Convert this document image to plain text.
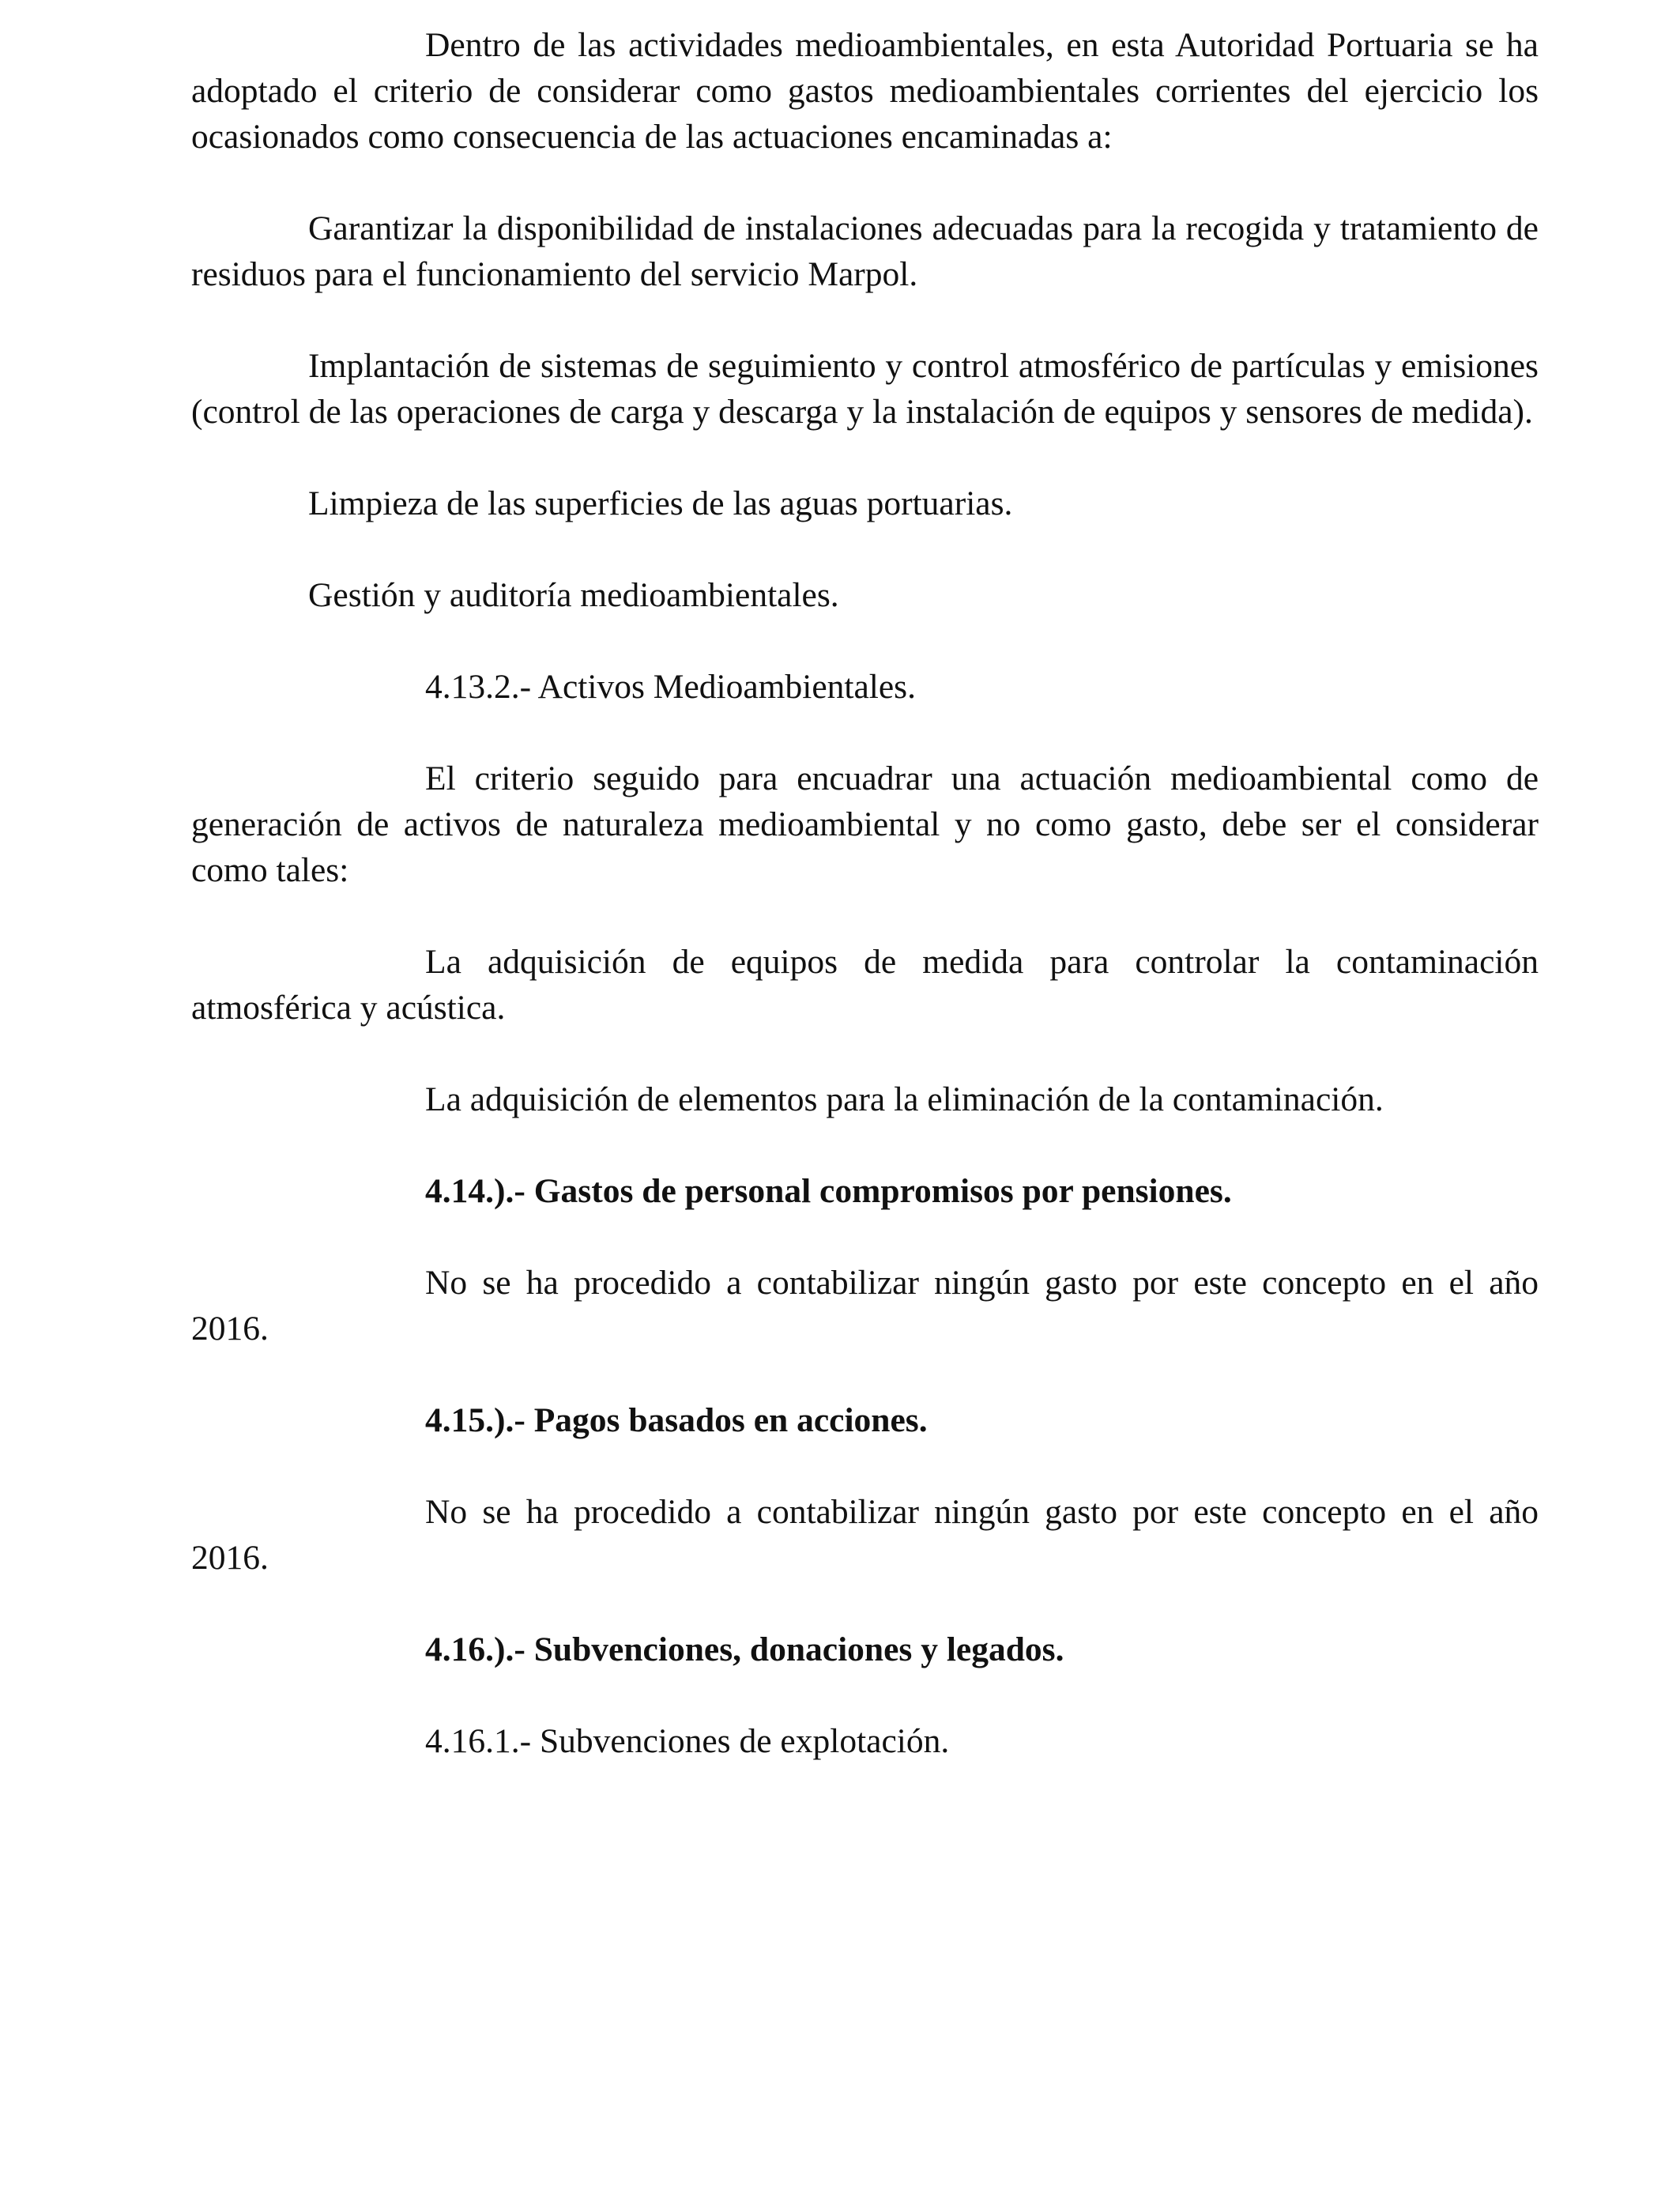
Dentro de las actividades medioambientales, en esta Autoridad Portuaria se ha adoptado el criterio de considerar como gastos medioambientales corrientes del ejercicio los ocasionados como consecuencia de las actuaciones encaminadas a:

Garantizar la disponibilidad de instalaciones adecuadas para la recogida y tratamiento de residuos para el funcionamiento del servicio Marpol.

Implantación de sistemas de seguimiento y control atmosférico de partículas y emisiones (control de las operaciones de carga y descarga y la instalación de equipos y sensores de medida).

Limpieza de las superficies de las aguas portuarias.

Gestión y auditoría medioambientales.

4.13.2.- Activos Medioambientales.

El criterio seguido para encuadrar una actuación medioambiental como de generación de activos de naturaleza medioambiental y no como gasto, debe ser el considerar como tales:

La adquisición de equipos de medida para controlar la contaminación atmosférica y acústica.

La adquisición de elementos para la eliminación de la contaminación.

4.14.).- Gastos de personal compromisos por pensiones.

No se ha procedido a contabilizar ningún gasto por este concepto en el año 2016.

4.15.).- Pagos basados en acciones.

No se ha procedido a contabilizar ningún gasto por este concepto en el año 2016.

4.16.).- Subvenciones, donaciones y legados.

4.16.1.- Subvenciones de explotación.
